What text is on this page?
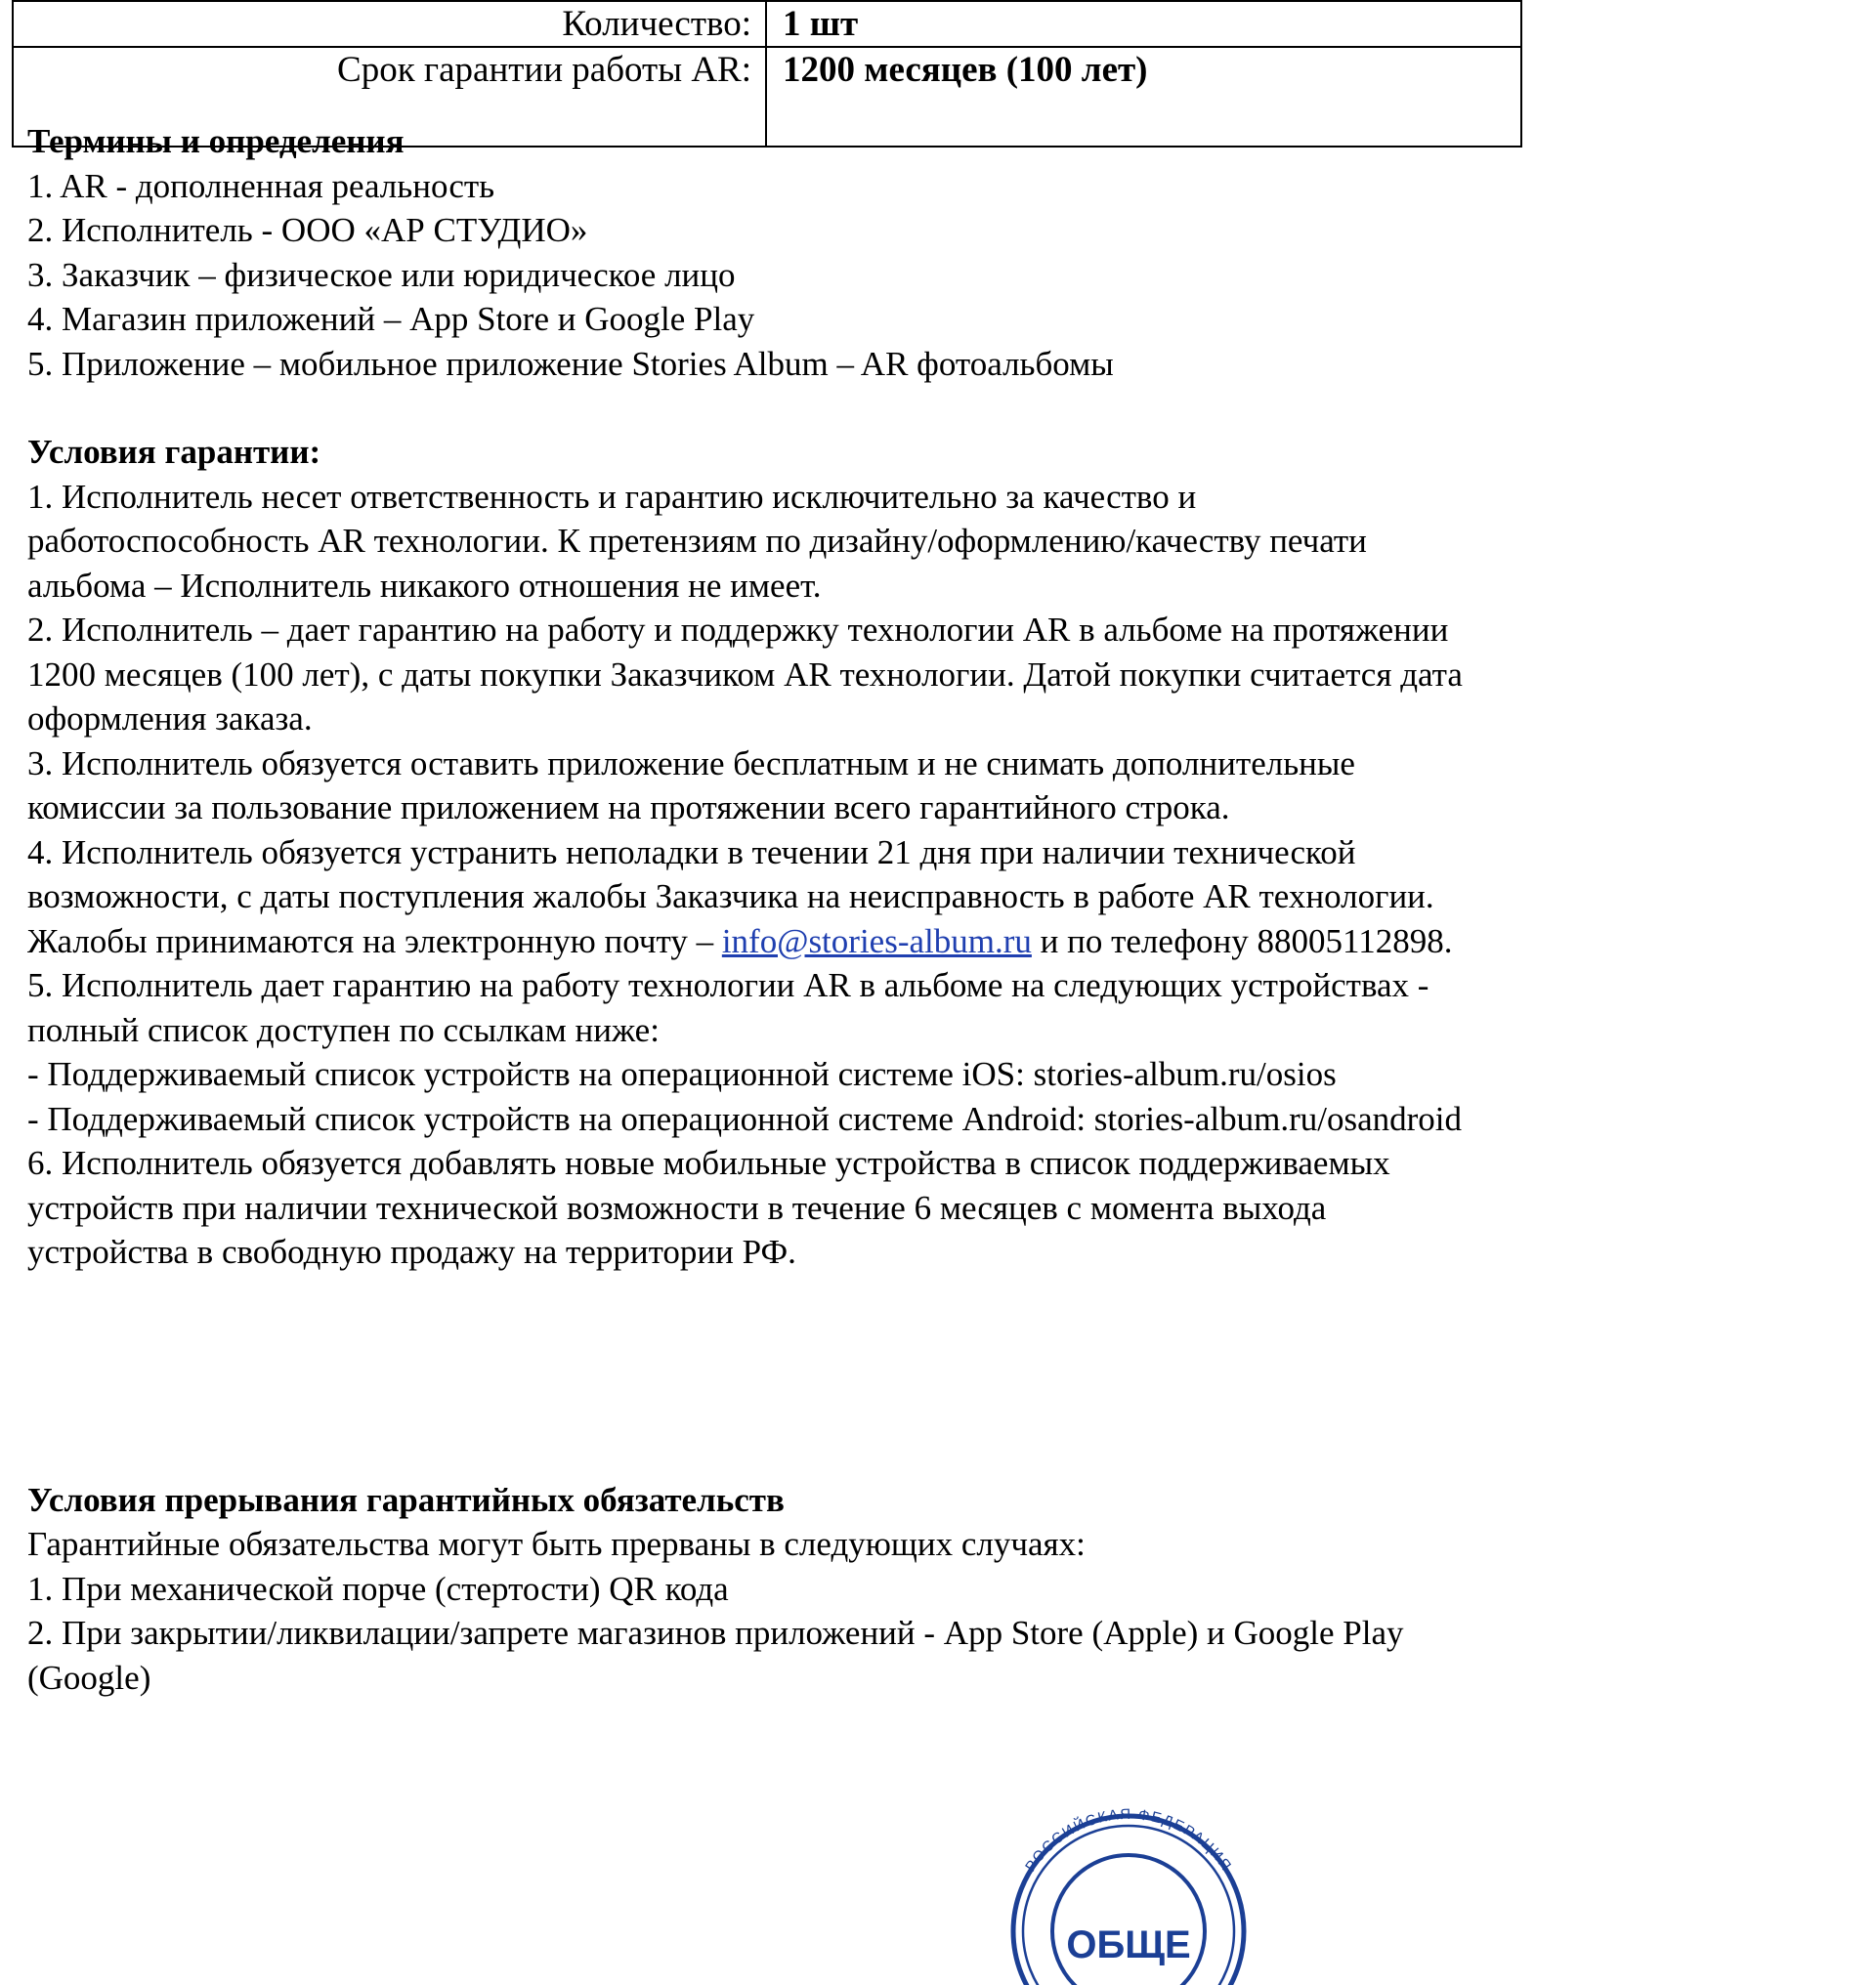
Количество:	1 шт
Срок гарантии работы AR:	1200 месяцев (100 лет)

Термины и определения
1. AR - дополненная реальность
2. Исполнитель - ООО «АР СТУДИО»
3. Заказчик – физическое или юридическое лицо
4. Магазин приложений – App Store и Google Play
5. Приложение – мобильное приложение Stories Album – AR фотоальбомы
Условия гарантии:
1. Исполнитель несет ответственность и гарантию исключительно за качество и работоспособность AR технологии. К претензиям по дизайну/оформлению/качеству печати альбома – Исполнитель никакого отношения не имеет.
2. Исполнитель – дает гарантию на работу и поддержку технологии AR в альбоме на протяжении 1200 месяцев (100 лет), с даты покупки Заказчиком AR технологии. Датой покупки считается дата оформления заказа.
3. Исполнитель обязуется оставить приложение бесплатным и не снимать дополнительные комиссии за пользование приложением на протяжении всего гарантийного строка.
4. Исполнитель обязуется устранить неполадки в течении 21 дня при наличии технической возможности, с даты поступления жалобы Заказчика на неисправность в работе AR технологии. Жалобы принимаются на электронную почту – info@stories-album.ru и по телефону 88005112898.
5. Исполнитель дает гарантию на работу технологии AR в альбоме на следующих устройствах - полный список доступен по ссылкам ниже:
- Поддерживаемый список устройств на операционной системе iOS: stories-album.ru/osios
- Поддерживаемый список устройств на операционной системе Android: stories-album.ru/osandroid
6. Исполнитель обязуется добавлять новые мобильные устройства в список поддерживаемых устройств при наличии технической возможности в течение 6 месяцев с момента выхода устройства в свободную продажу на территории РФ.
Условия прерывания гарантийных обязательств
Гарантийные обязательства могут быть прерваны в следующих случаях:
1. При механической порче (стертости) QR кода
2. При закрытии/ликвилации/запрете магазинов приложений - App Store (Apple) и Google Play (Google)
РОССИЙСКАЯ ФЕДЕРАЦИЯ
ОБЩЕ
